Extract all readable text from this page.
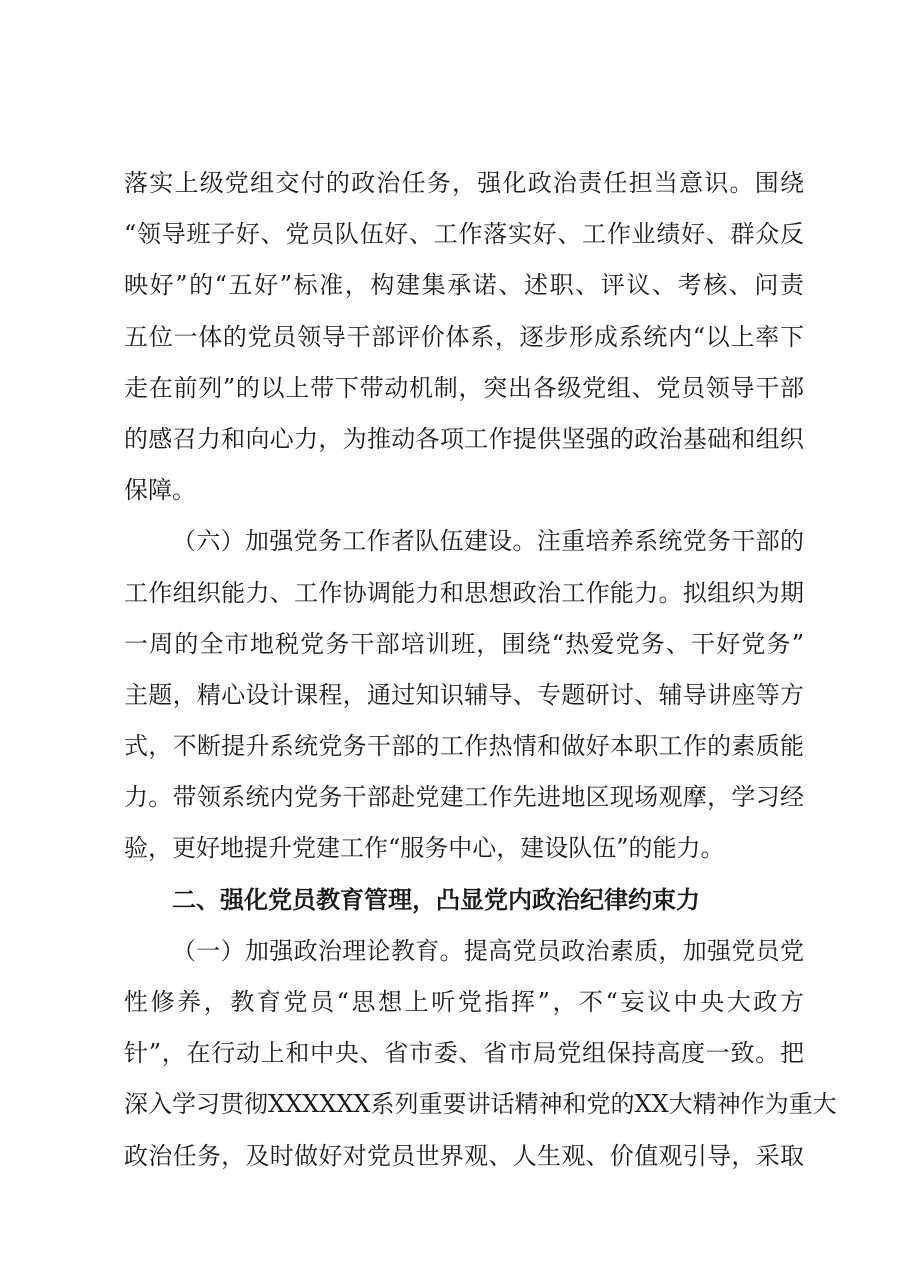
落实上级党组交付的政治任务，强化政治责任担当意识。围绕
“领导班子好、党员队伍好、工作落实好、工作业绩好、群众反
映好”的“五好”标准，构建集承诺、述职、评议、考核、问责
五位一体的党员领导干部评价体系，逐步形成系统内“以上率下
走在前列”的以上带下带动机制，突出各级党组、党员领导干部
的感召力和向心力，为推动各项工作提供坚强的政治基础和组织
保障。
（六）加强党务工作者队伍建设。注重培养系统党务干部的
工作组织能力、工作协调能力和思想政治工作能力。拟组织为期
一周的全市地税党务干部培训班，围绕“热爱党务、干好党务”
主题，精心设计课程，通过知识辅导、专题研讨、辅导讲座等方
式，不断提升系统党务干部的工作热情和做好本职工作的素质能
力。带领系统内党务干部赴党建工作先进地区现场观摩，学习经
验，更好地提升党建工作“服务中心，建设队伍”的能力。
二、强化党员教育管理，凸显党内政治纪律约束力
（一）加强政治理论教育。提高党员政治素质，加强党员党
性修养，教育党员“思想上听党指挥”，不“妄议中央大政方
针”，在行动上和中央、省市委、省市局党组保持高度一致。把
深入学习贯彻XXXXXX系列重要讲话精神和党的XX大精神作为重大
政治任务，及时做好对党员世界观、人生观、价值观引导，采取
